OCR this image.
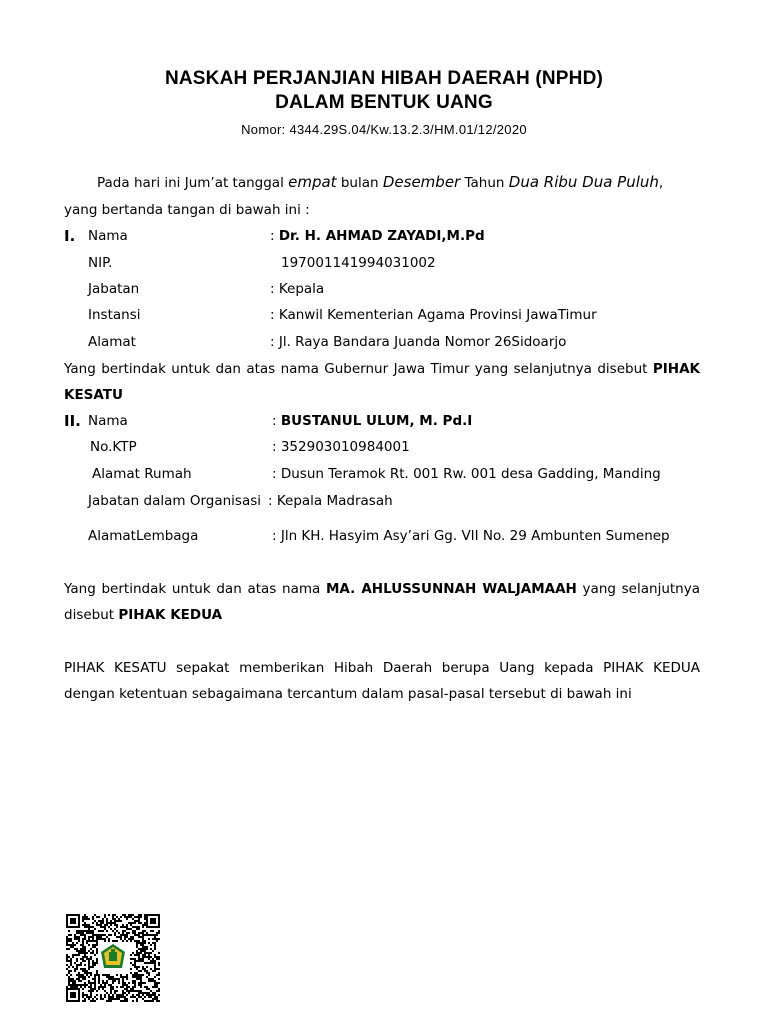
NASKAH PERJANJIAN HIBAH DAERAH (NPHD)
DALAM BENTUK UANG
Nomor: 4344.29S.04/Kw.13.2.3/HM.01/12/2020
Pada hari ini Jum’at tanggal empat bulan Desember Tahun Dua Ribu Dua Puluh,
yang bertanda tangan di bawah ini :
I. Nama	: Dr. H. AHMAD ZAYADI,M.Pd
NIP.	197001141994031002
Jabatan	: Kepala
Instansi	: Kanwil Kementerian Agama Provinsi JawaTimur
Alamat	: Jl. Raya Bandara Juanda Nomor 26Sidoarjo
Yang bertindak untuk dan atas nama Gubernur Jawa Timur yang selanjutnya disebut PIHAK
KESATU
II. Nama	: BUSTANUL ULUM, M. Pd.I
No.KTP	: 352903010984001
Alamat Rumah	: Dusun Teramok Rt. 001 Rw. 001 desa Gadding, Manding
Jabatan dalam Organisasi : Kepala Madrasah
AlamatLembaga	: Jln KH. Hasyim Asy’ari Gg. VII No. 29 Ambunten Sumenep
Yang bertindak untuk dan atas nama MA. AHLUSSUNNAH WALJAMAAH yang selanjutnya
disebut PIHAK KEDUA
PIHAK KESATU sepakat memberikan Hibah Daerah berupa Uang kepada PIHAK KEDUA
dengan ketentuan sebagaimana tercantum dalam pasal-pasal tersebut di bawah ini
